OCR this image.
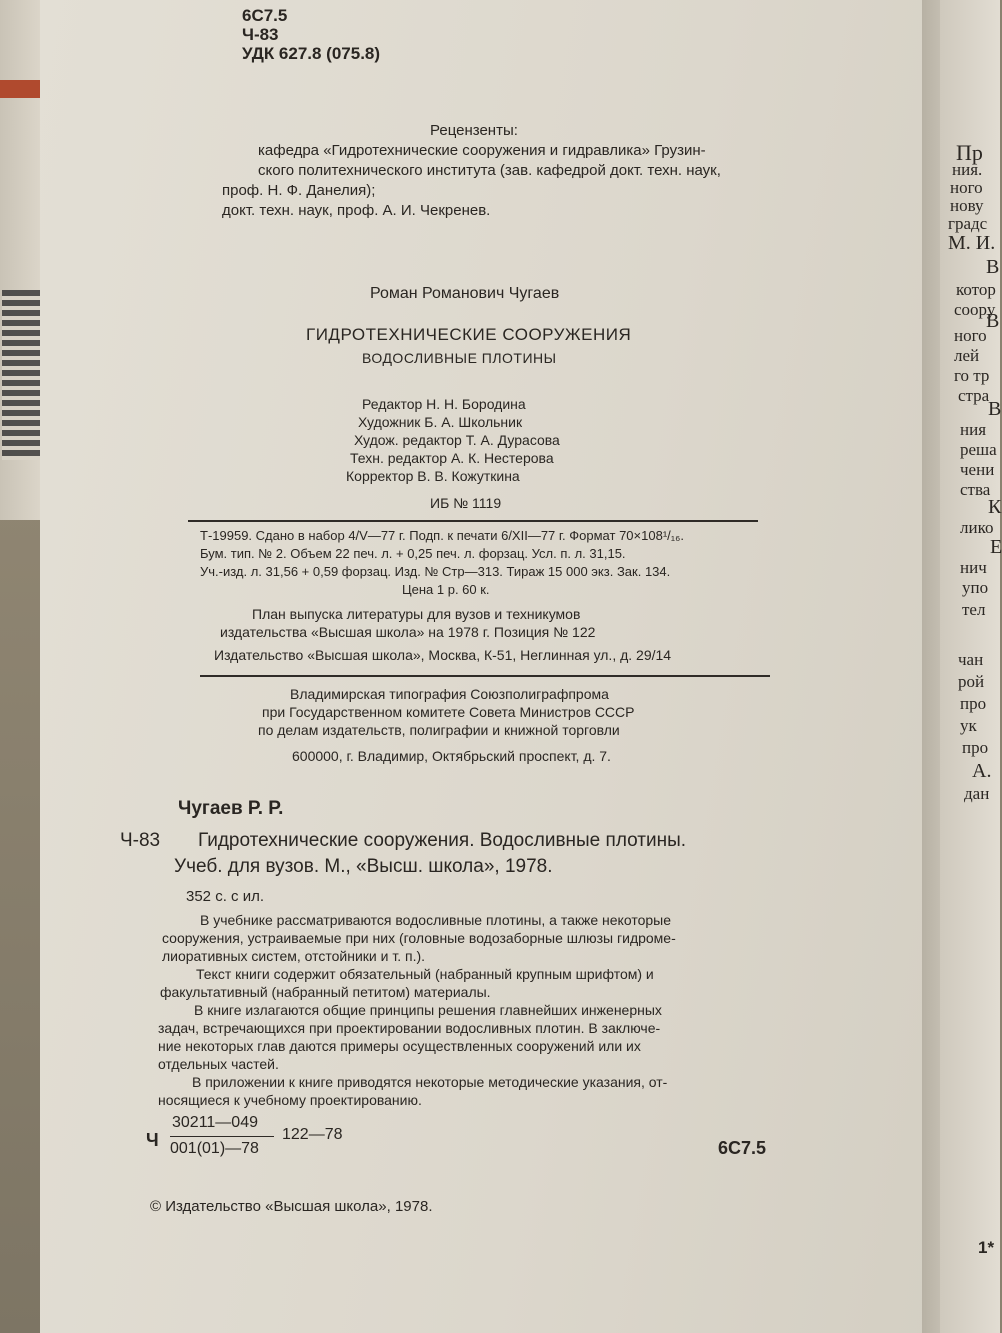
6С7.5
Ч-83
УДК 627.8 (075.8)
Рецензенты:
кафедра «Гидротехнические сооружения и гидравлика» Грузин-
ского политехнического института (зав. кафедрой докт. техн. наук,
проф. Н. Ф. Данелия);
докт. техн. наук, проф. А. И. Чекренев.
Роман Романович Чугаев
ГИДРОТЕХНИЧЕСКИЕ СООРУЖЕНИЯ
ВОДОСЛИВНЫЕ ПЛОТИНЫ
Редактор Н. Н. Бородина
Художник Б. А. Школьник
Худож. редактор Т. А. Дурасова
Техн. редактор А. К. Нестерова
Корректор В. В. Кожуткина
ИБ № 1119
Т-19959. Сдано в набор 4/V—77 г. Подп. к печати 6/XII—77 г. Формат 70×108¹/₁₆.
Бум. тип. № 2. Объем 22 печ. л. + 0,25 печ. л. форзац. Усл. п. л. 31,15.
Уч.-изд. л. 31,56 + 0,59 форзац. Изд. № Стр—313. Тираж 15 000 экз. Зак. 134.
Цена 1 р. 60 к.
План выпуска литературы для вузов и техникумов
издательства «Высшая школа» на 1978 г. Позиция № 122
Издательство «Высшая школа», Москва, К-51, Неглинная ул., д. 29/14
Владимирская типография Союзполиграфпрома
при Государственном комитете Совета Министров СССР
по делам издательств, полиграфии и книжной торговли
600000, г. Владимир, Октябрьский проспект, д. 7.
Чугаев Р. Р.
Ч-83 Гидротехнические сооружения. Водосливные плотины.
Учеб. для вузов. М., «Высш. школа», 1978.
352 с. с ил.
В учебнике рассматриваются водосливные плотины, а также некоторые
сооружения, устраиваемые при них (головные водозаборные шлюзы гидроме-
лиоративных систем, отстойники и т. п.).
Текст книги содержит обязательный (набранный крупным шрифтом) и
факультативный (набранный петитом) материалы.
В книге излагаются общие принципы решения главнейших инженерных
задач, встречающихся при проектировании водосливных плотин. В заключе-
ние некоторых глав даются примеры осуществленных сооружений или их
отдельных частей.
В приложении к книге приводятся некоторые методические указания, от-
носящиеся к учебному проектированию.
Ч
30211—049
001(01)—78
122—78
6С7.5
© Издательство «Высшая школа», 1978.
Пр
ния.
ного
нову
градс
М. И.
В
котор
соору
В
ного
лей
го тр
стра
В
ния
реша
чени
ства
К
лико
Е
нич
упо
тел
чан
рой
про
ук
про
А.
дан
1*
